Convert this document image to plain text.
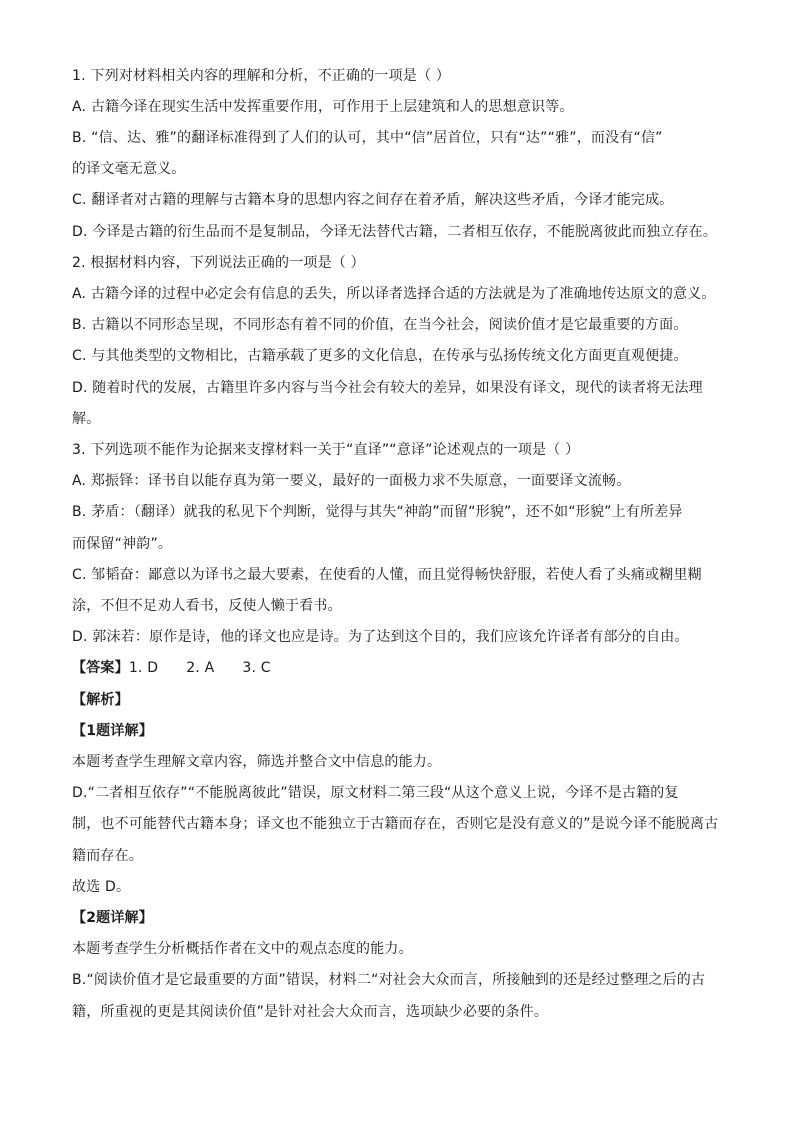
1. 下列对材料相关内容的理解和分析，不正确的一项是（ ）
A. 古籍今译在现实生活中发挥重要作用，可作用于上层建筑和人的思想意识等。
B. “信、达、雅”的翻译标准得到了人们的认可，其中“信”居首位，只有“达”“雅”，而没有“信”
的译文毫无意义。
C. 翻译者对古籍的理解与古籍本身的思想内容之间存在着矛盾，解决这些矛盾，今译才能完成。
D. 今译是古籍的衍生品而不是复制品，今译无法替代古籍，二者相互依存，不能脱离彼此而独立存在。
2. 根据材料内容，下列说法正确的一项是（ ）
A. 古籍今译的过程中必定会有信息的丢失，所以译者选择合适的方法就是为了准确地传达原文的意义。
B. 古籍以不同形态呈现，不同形态有着不同的价值，在当今社会，阅读价值才是它最重要的方面。
C. 与其他类型的文物相比，古籍承载了更多的文化信息，在传承与弘扬传统文化方面更直观便捷。
D. 随着时代的发展，古籍里许多内容与当今社会有较大的差异，如果没有译文，现代的读者将无法理
解。
3. 下列选项不能作为论据来支撑材料一关于“直译”“意译”论述观点的一项是（ ）
A. 郑振铎：译书自以能存真为第一要义，最好的一面极力求不失原意，一面要译文流畅。
B. 茅盾：（翻译）就我的私见下个判断，觉得与其失“神韵”而留“形貌”，还不如“形貌”上有所差异
而保留“神韵”。
C. 邹韬奋：鄙意以为译书之最大要素，在使看的人懂，而且觉得畅快舒服，若使人看了头痛或糊里糊
涂，不但不足劝人看书，反使人懒于看书。
D. 郭沫若：原作是诗，他的译文也应是诗。为了达到这个目的，我们应该允许译者有部分的自由。
【答案】1. D 2. A 3. C
【解析】
【1题详解】
本题考查学生理解文章内容，筛选并整合文中信息的能力。
D.“二者相互依存”“不能脱离彼此”错误，原文材料二第三段“从这个意义上说，今译不是古籍的复
制，也不可能替代古籍本身；译文也不能独立于古籍而存在，否则它是没有意义的”是说今译不能脱离古
籍而存在。
故选 D。
【2题详解】
本题考查学生分析概括作者在文中的观点态度的能力。
B.“阅读价值才是它最重要的方面”错误，材料二“对社会大众而言，所接触到的还是经过整理之后的古
籍，所重视的更是其阅读价值”是针对社会大众而言，选项缺少必要的条件。
